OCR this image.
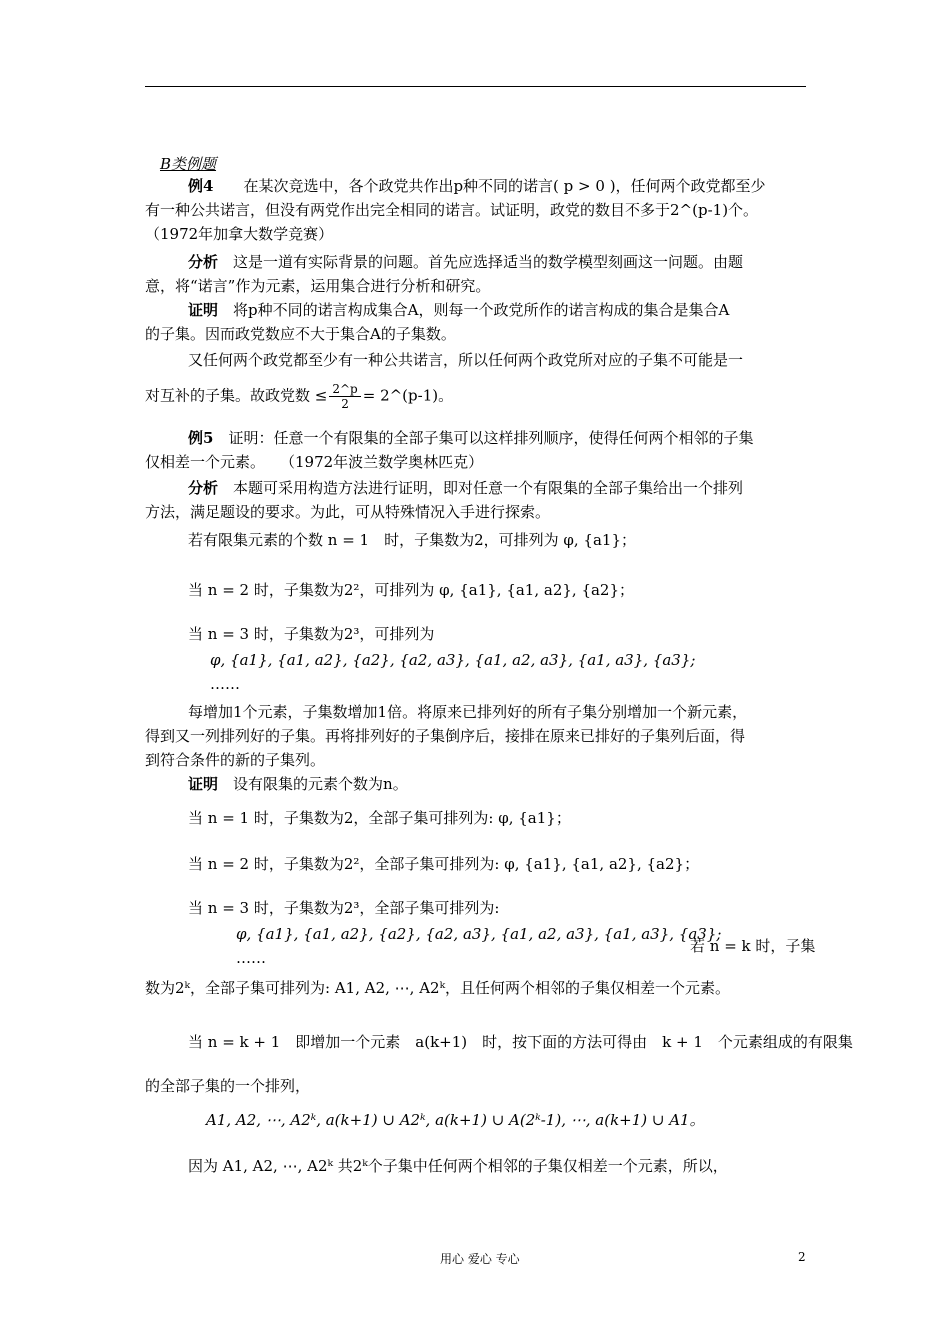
B类例题
例4　　 在某次竞选中，各个政党共作出p种不同的诺言( p > 0 )，任何两个政党都至少
有一种公共诺言，但没有两党作出完全相同的诺言。试证明，政党的数目不多于2^(p-1)个。
（1972年加拿大数学竞赛）
分析　 这是一道有实际背景的问题。首先应选择适当的数学模型刻画这一问题。由题
意，将“诺言”作为元素，运用集合进行分析和研究。
证明　 将p种不同的诺言构成集合A，则每一个政党所作的诺言构成的集合是集合A
的子集。因而政党数应不大于集合A的子集数。
又任何两个政党都至少有一种公共诺言，所以任何两个政党所对应的子集不可能是一
对互补的子集。故政党数 ≤ $\frac{2\^{}p}{2}$ = 2^(p-1)。
例5　 证明：任意一个有限集的全部子集可以这样排列顺序，使得任何两个相邻的子集
仅相差一个元素。　　（1972年波兰数学奥林匹克）
分析　 本题可采用构造方法进行证明，即对任意一个有限集的全部子集给出一个排列
方法，满足题设的要求。为此，可从特殊情况入手进行探索。
若有限集元素的个数 n = 1　时，子集数为2，可排列为 φ, {a1}；
当 n = 2 时，子集数为2²，可排列为 φ, {a1}, {a1, a2}, {a2}；
当 n = 3 时，子集数为2³，可排列为
φ, {a1}, {a1, a2}, {a2}, {a2, a3}, {a1, a2, a3}, {a1, a3}, {a3};
……
每增加1个元素，子集数增加1倍。将原来已排列好的所有子集分别增加一个新元素，
得到又一列排列好的子集。再将排列好的子集倒序后，接排在原来已排好的子集列后面，得
到符合条件的新的子集列。
证明　 设有限集的元素个数为n。
当 n = 1 时，子集数为2，全部子集可排列为: φ, {a1}；
当 n = 2 时，子集数为2²，全部子集可排列为: φ, {a1}, {a1, a2}, {a2}；
当 n = 3 时，子集数为2³，全部子集可排列为:
φ, {a1}, {a1, a2}, {a2}, {a2, a3}, {a1, a2, a3}, {a1, a3}, {a3};
若 n = k 时，子集
……
数为2ᵏ，全部子集可排列为: A1, A2, ⋯, A2ᵏ，且任何两个相邻的子集仅相差一个元素。
当 n = k + 1　即增加一个元素　a(k+1)　时，按下面的方法可得由　k + 1　个元素组成的有限集
的全部子集的一个排列，
A1, A2, ⋯, A2ᵏ, a(k+1) ∪ A2ᵏ, a(k+1) ∪ A(2ᵏ-1), ⋯, a(k+1) ∪ A1。
因为 A1, A2, ⋯, A2ᵏ 共2ᵏ个子集中任何两个相邻的子集仅相差一个元素，所以，
用心 爱心 专心	2
